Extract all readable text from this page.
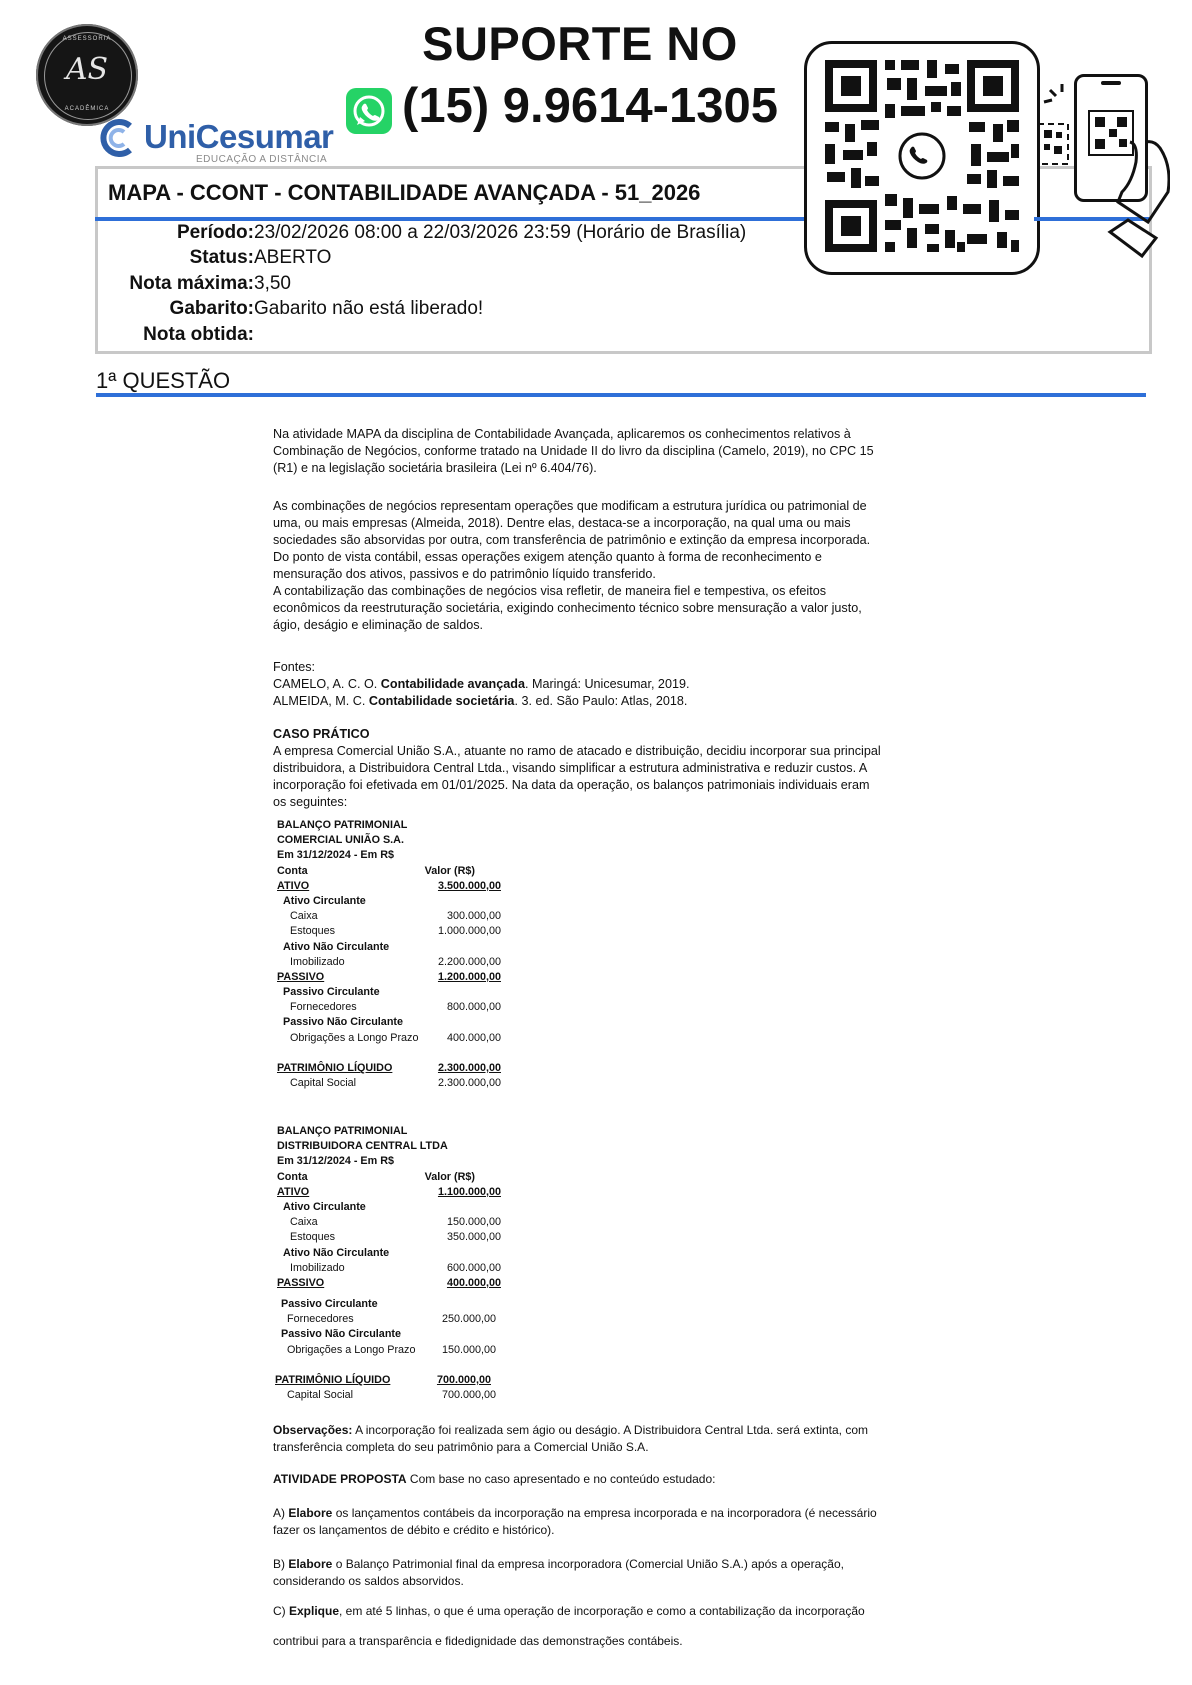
ASSESSORIA
AS
ACADÊMICA
SUPORTE NO
(15) 9.9614-1305
UniCesumar
EDUCAÇÃO A DISTÂNCIA
MAPA - CCONT - CONTABILIDADE AVANÇADA - 51_2026
Período:23/02/2026 08:00 a 22/03/2026 23:59 (Horário de Brasília)
Status:ABERTO
Nota máxima:3,50
Gabarito:Gabarito não está liberado!
Nota obtida:
1ª QUESTÃO
Na atividade MAPA da disciplina de Contabilidade Avançada, aplicaremos os conhecimentos relativos à
Combinação de Negócios, conforme tratado na Unidade II do livro da disciplina (Camelo, 2019), no CPC 15
(R1) e na legislação societária brasileira (Lei nº 6.404/76).
As combinações de negócios representam operações que modificam a estrutura jurídica ou patrimonial de
uma, ou mais empresas (Almeida, 2018). Dentre elas, destaca-se a incorporação, na qual uma ou mais
sociedades são absorvidas por outra, com transferência de patrimônio e extinção da empresa incorporada.
Do ponto de vista contábil, essas operações exigem atenção quanto à forma de reconhecimento e
mensuração dos ativos, passivos e do patrimônio líquido transferido.
A contabilização das combinações de negócios visa refletir, de maneira fiel e tempestiva, os efeitos
econômicos da reestruturação societária, exigindo conhecimento técnico sobre mensuração a valor justo,
ágio, deságio e eliminação de saldos.
Fontes:
CAMELO, A. C. O. Contabilidade avançada. Maringá: Unicesumar, 2019.
ALMEIDA, M. C. Contabilidade societária. 3. ed. São Paulo: Atlas, 2018.
CASO PRÁTICO
A empresa Comercial União S.A., atuante no ramo de atacado e distribuição, decidiu incorporar sua principal
distribuidora, a Distribuidora Central Ltda., visando simplificar a estrutura administrativa e reduzir custos. A
incorporação foi efetivada em 01/01/2025. Na data da operação, os balanços patrimoniais individuais eram
os seguintes:
BALANÇO PATRIMONIAL
COMERCIAL UNIÃO S.A.
Em 31/12/2024 - Em R$
Conta	Valor (R$)
ATIVO	3.500.000,00
Ativo Circulante
Caixa	300.000,00
Estoques	1.000.000,00
Ativo Não Circulante
Imobilizado	2.200.000,00
PASSIVO	1.200.000,00
Passivo Circulante
Fornecedores	800.000,00
Passivo Não Circulante
Obrigações a Longo Prazo	400.000,00
PATRIMÔNIO LÍQUIDO	2.300.000,00
Capital Social	2.300.000,00
BALANÇO PATRIMONIAL
DISTRIBUIDORA CENTRAL LTDA
Em 31/12/2024 - Em R$
Conta	Valor (R$)
ATIVO	1.100.000,00
Ativo Circulante
Caixa	150.000,00
Estoques	350.000,00
Ativo Não Circulante
Imobilizado	600.000,00
PASSIVO	400.000,00
Passivo Circulante
Fornecedores	250.000,00
Passivo Não Circulante
Obrigações a Longo Prazo 150.000,00
PATRIMÔNIO LÍQUIDO	700.000,00
Capital Social	700.000,00
Observações: A incorporação foi realizada sem ágio ou deságio. A Distribuidora Central Ltda. será extinta, com
transferência completa do seu patrimônio para a Comercial União S.A.
ATIVIDADE PROPOSTA Com base no caso apresentado e no conteúdo estudado:
A) Elabore os lançamentos contábeis da incorporação na empresa incorporada e na incorporadora (é necessário
fazer os lançamentos de débito e crédito e histórico).
B) Elabore o Balanço Patrimonial final da empresa incorporadora (Comercial União S.A.) após a operação,
considerando os saldos absorvidos.
C) Explique, em até 5 linhas, o que é uma operação de incorporação e como a contabilização da incorporação
contribui para a transparência e fidedignidade das demonstrações contábeis.
